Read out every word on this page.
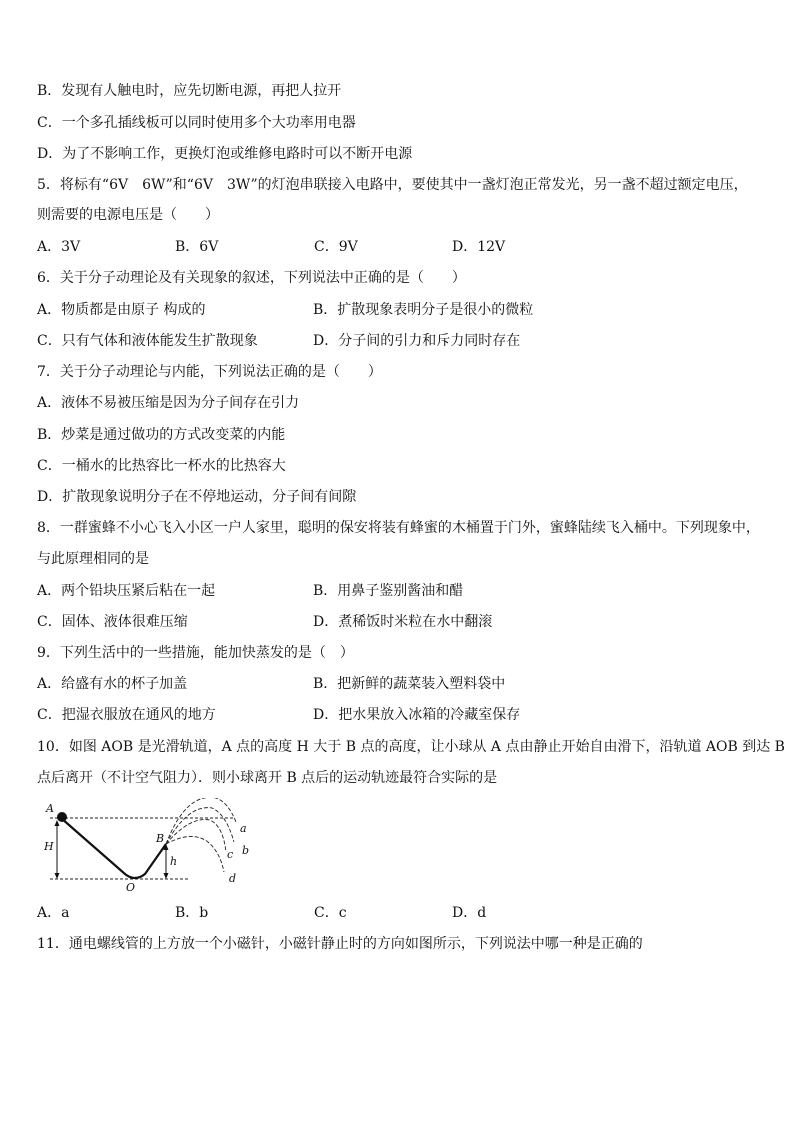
B．发现有人触电时，应先切断电源，再把人拉开
C．一个多孔插线板可以同时使用多个大功率用电器
D．为了不影响工作，更换灯泡或维修电路时可以不断开电源
5．将标有“6V　6W”和“6V　3W”的灯泡串联接入电路中，要使其中一盏灯泡正常发光，另一盏不超过额定电压，
则需要的电源电压是（　　）
A．3V	B．6V	C．9V	D．12V
6．关于分子动理论及有关现象的叙述，下列说法中正确的是（　　）
A．物质都是由原子 构成的	B．扩散现象表明分子是很小的微粒
C．只有气体和液体能发生扩散现象	D．分子间的引力和斥力同时存在
7．关于分子动理论与内能，下列说法正确的是（　　）
A．液体不易被压缩是因为分子间存在引力
B．炒菜是通过做功的方式改变菜的内能
C．一桶水的比热容比一杯水的比热容大
D．扩散现象说明分子在不停地运动，分子间有间隙
8．一群蜜蜂不小心飞入小区一户人家里，聪明的保安将装有蜂蜜的木桶置于门外，蜜蜂陆续飞入桶中。下列现象中，
与此原理相同的是
A．两个铅块压紧后粘在一起	B．用鼻子鉴别酱油和醋
C．固体、液体很难压缩	D．煮稀饭时米粒在水中翻滚
9．下列生活中的一些措施，能加快蒸发的是（　）
A．给盛有水的杯子加盖	B．把新鲜的蔬菜装入塑料袋中
C．把湿衣服放在通风的地方	D．把水果放入冰箱的冷藏室保存
10．如图 AOB 是光滑轨道，A 点的高度 H 大于 B 点的高度，让小球从 A 点由静止开始自由滑下，沿轨道 AOB 到达 B
点后离开（不计空气阻力）．则小球离开 B 点后的运动轨迹最符合实际的是
A
H
B
h
O
a
b
c
d
A．a	B．b	C．c	D．d
11．通电螺线管的上方放一个小磁针，小磁针静止时的方向如图所示，下列说法中哪一种是正确的
